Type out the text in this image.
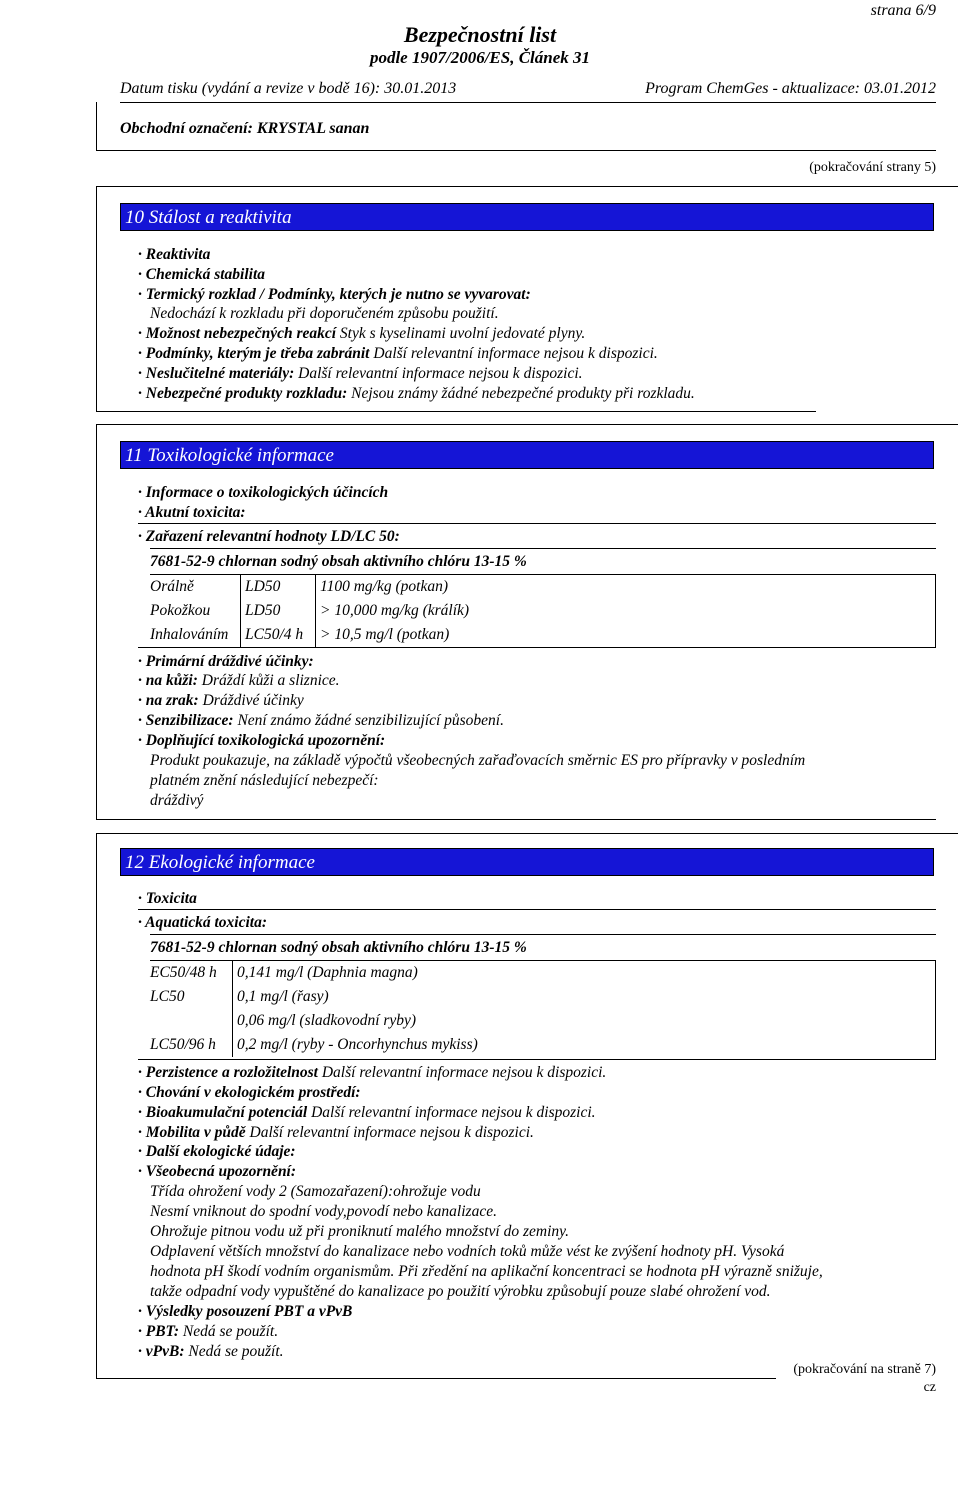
strana 6/9
Bezpečnostní list
podle 1907/2006/ES, Článek 31
Datum tisku (vydání a revize v bodě 16): 30.01.2013	Program ChemGes - aktualizace: 03.01.2012
Obchodní označení: KRYSTAL sanan
(pokračování strany 5)
10 Stálost a reaktivita
· Reaktivita
· Chemická stabilita
· Termický rozklad / Podmínky, kterých je nutno se vyvarovat:
Nedochází k rozkladu při doporučeném způsobu použití.
· Možnost nebezpečných reakcí Styk s kyselinami uvolní jedovaté plyny.
· Podmínky, kterým je třeba zabránit Další relevantní informace nejsou k dispozici.
· Neslučitelné materiály: Další relevantní informace nejsou k dispozici.
· Nebezpečné produkty rozkladu: Nejsou známy žádné nebezpečné produkty při rozkladu.
11 Toxikologické informace
· Informace o toxikologických účincích
· Akutní toxicita:
· Zařazení relevantní hodnoty LD/LC 50:
7681-52-9 chlornan sodný obsah aktivního chlóru 13-15 %
Orálně	LD50	1100 mg/kg (potkan)
Pokožkou	LD50	> 10,000 mg/kg (králík)
Inhalováním	LC50/4 h	> 10,5 mg/l (potkan)
· Primární dráždivé účinky:
· na kůži: Dráždí kůži a sliznice.
· na zrak: Dráždivé účinky
· Senzibilizace: Není známo žádné senzibilizující působení.
· Doplňující toxikologická upozornění:
Produkt poukazuje, na základě výpočtů všeobecných zařaďovacích směrnic ES pro přípravky v posledním
platném znění následující nebezpečí:
dráždivý
12 Ekologické informace
· Toxicita
· Aquatická toxicita:
7681-52-9 chlornan sodný obsah aktivního chlóru 13-15 %
EC50/48 h	0,141 mg/l (Daphnia magna)
LC50	0,1 mg/l (řasy)
	0,06 mg/l (sladkovodní ryby)
LC50/96 h	0,2 mg/l (ryby - Oncorhynchus mykiss)
· Perzistence a rozložitelnost Další relevantní informace nejsou k dispozici.
· Chování v ekologickém prostředí:
· Bioakumulační potenciál Další relevantní informace nejsou k dispozici.
· Mobilita v půdě Další relevantní informace nejsou k dispozici.
· Další ekologické údaje:
· Všeobecná upozornění:
Třída ohrožení vody 2 (Samozařazení):ohrožuje vodu
Nesmí vniknout do spodní vody,povodí nebo kanalizace.
Ohrožuje pitnou vodu už při proniknutí malého množství do zeminy.
Odplavení větších množství do kanalizace nebo vodních toků může vést ke zvýšení hodnoty pH. Vysoká
hodnota pH škodí vodním organismům. Při zředění na aplikační koncentraci se hodnota pH výrazně snižuje,
takže odpadní vody vypuštěné do kanalizace po použití výrobku způsobují pouze slabé ohrožení vod.
· Výsledky posouzení PBT a vPvB
· PBT: Nedá se použít.
· vPvB: Nedá se použít.
(pokračování na straně 7)
cz
